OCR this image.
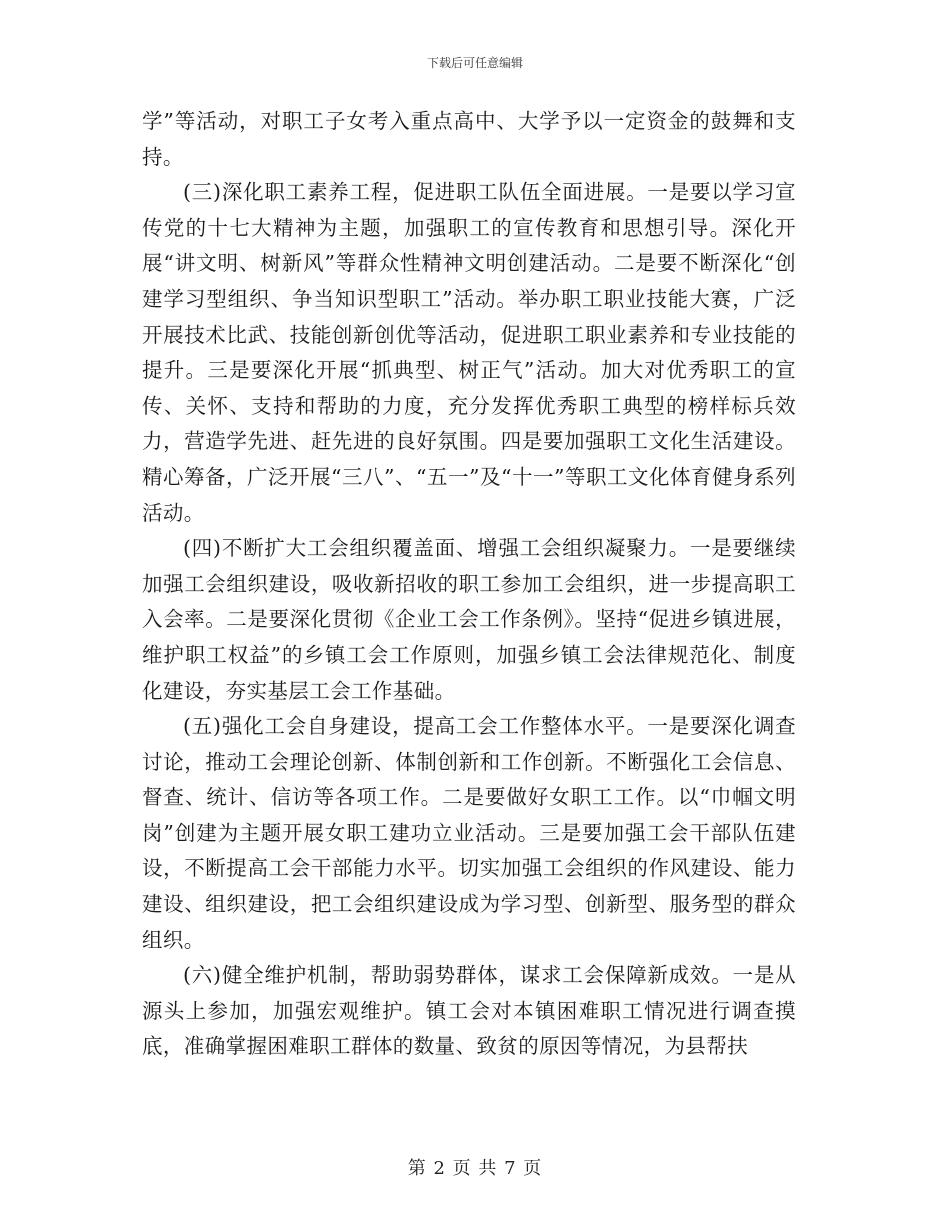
下载后可任意编辑

学”等活动，对职工子女考入重点高中、大学予以一定资金的鼓舞和支持。

(三)深化职工素养工程，促进职工队伍全面进展。一是要以学习宣传党的十七大精神为主题，加强职工的宣传教育和思想引导。深化开展“讲文明、树新风”等群众性精神文明创建活动。二是要不断深化“创建学习型组织、争当知识型职工”活动。举办职工职业技能大赛，广泛开展技术比武、技能创新创优等活动，促进职工职业素养和专业技能的提升。三是要深化开展“抓典型、树正气”活动。加大对优秀职工的宣传、关怀、支持和帮助的力度，充分发挥优秀职工典型的榜样标兵效力，营造学先进、赶先进的良好氛围。四是要加强职工文化生活建设。精心筹备，广泛开展“三八”、“五一”及“十一”等职工文化体育健身系列活动。

(四)不断扩大工会组织覆盖面、增强工会组织凝聚力。一是要继续加强工会组织建设，吸收新招收的职工参加工会组织，进一步提高职工入会率。二是要深化贯彻《企业工会工作条例》。坚持“促进乡镇进展，维护职工权益”的乡镇工会工作原则，加强乡镇工会法律规范化、制度化建设，夯实基层工会工作基础。

(五)强化工会自身建设，提高工会工作整体水平。一是要深化调查讨论，推动工会理论创新、体制创新和工作创新。不断强化工会信息、督查、统计、信访等各项工作。二是要做好女职工工作。以“巾帼文明岗”创建为主题开展女职工建功立业活动。三是要加强工会干部队伍建设，不断提高工会干部能力水平。切实加强工会组织的作风建设、能力建设、组织建设，把工会组织建设成为学习型、创新型、服务型的群众组织。

(六)健全维护机制，帮助弱势群体，谋求工会保障新成效。一是从源头上参加，加强宏观维护。镇工会对本镇困难职工情况进行调查摸底，准确掌握困难职工群体的数量、致贫的原因等情况，为县帮扶

第 2 页 共 7 页
